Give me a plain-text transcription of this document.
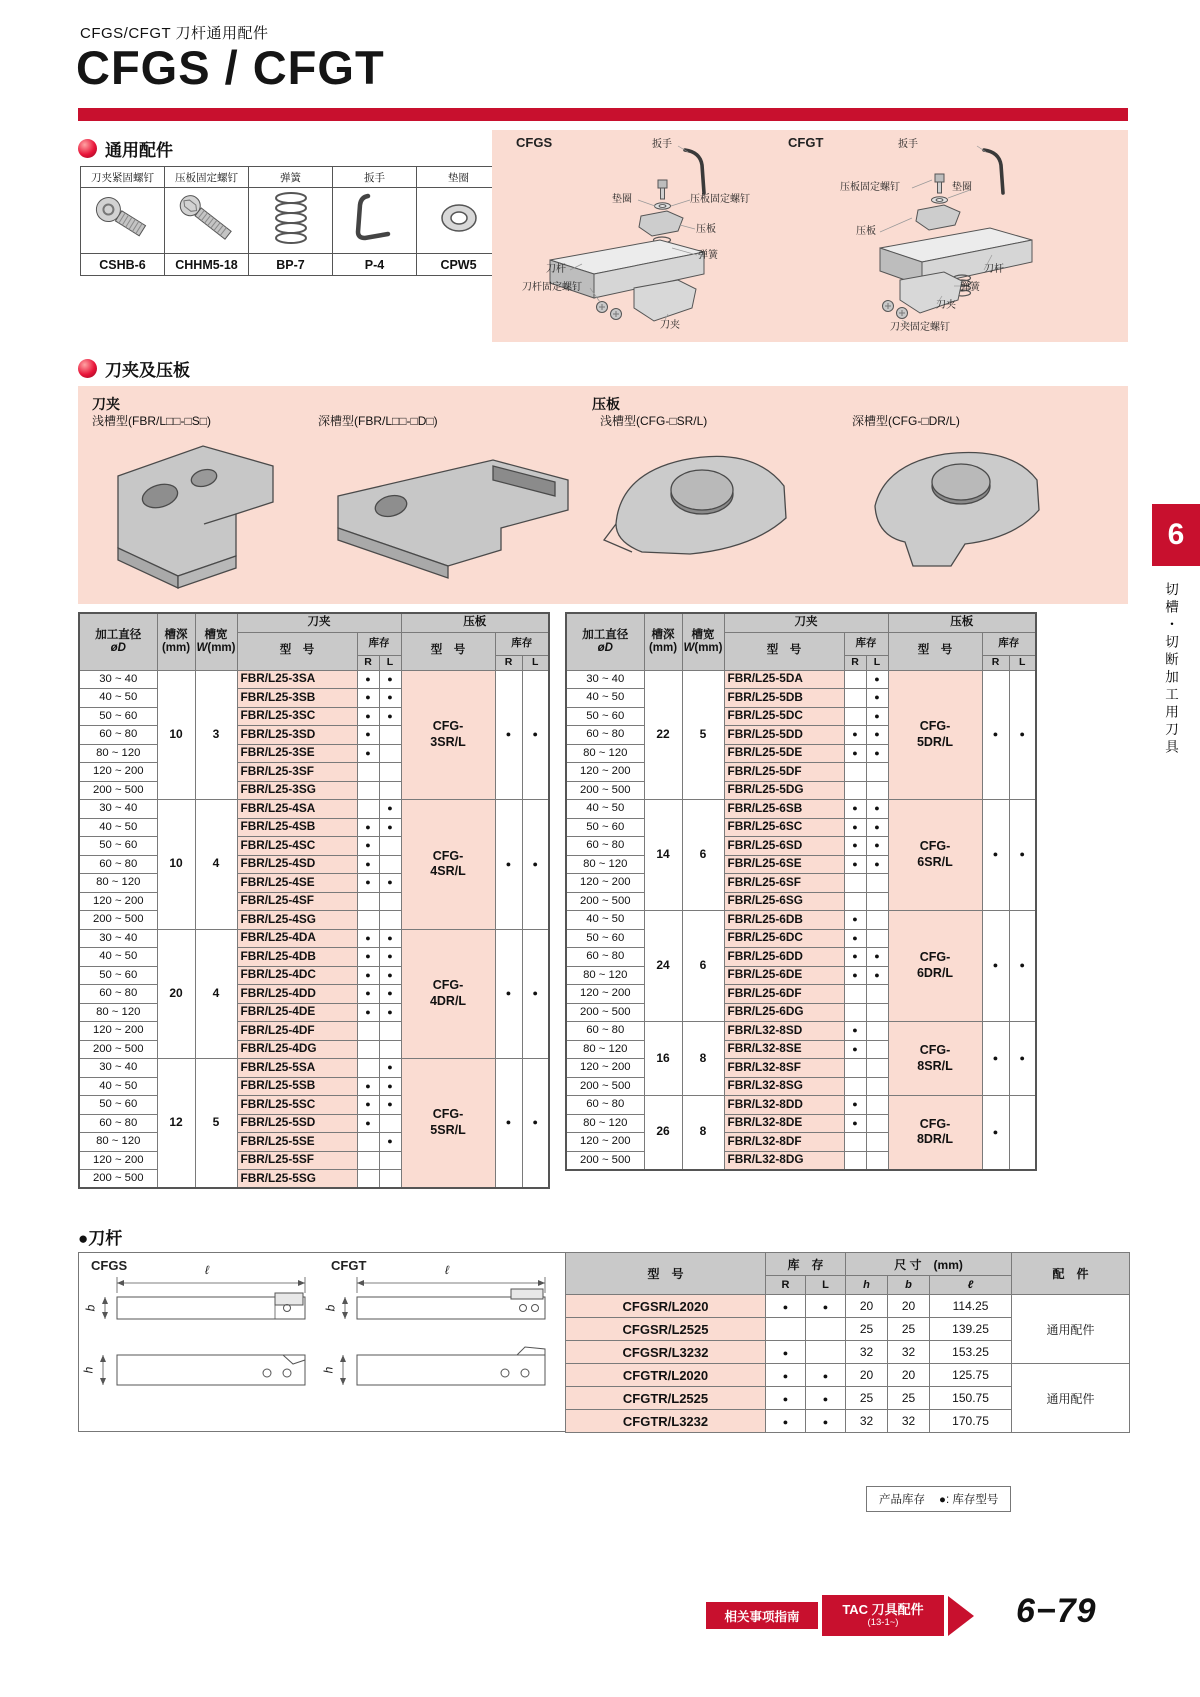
CFGS/CFGT 刀杆通用配件
CFGS / CFGT
通用配件
刀夹紧固螺钉	压板固定螺钉	弹簧	扳手	垫圈

CSHB-6	CHHM5-18	BP-7	P-4	CPW5
CFGS	CFGT
扳手
垫圈	压板固定螺钉
压板
弹簧
刀杆
刀杆固定螺钉
刀夹
扳手
压板固定螺钉	垫圈
压板
刀杆
弹簧
刀夹
刀夹固定螺钉
刀夹及压板
刀夹
浅槽型(FBR/L□□-□S□)	深槽型(FBR/L□□-□D□)
压板
浅槽型(CFG-□SR/L)	深槽型(CFG-□DR/L)
加工直径
øD	槽深
(mm)	槽宽
W(mm)	刀夹			压板		
			型　号	库存		型　号	库存	
				R	L		R	L
30 ~ 40	10	3	FBR/L25-3SA	●	●	CFG-
3SR/L	●	●
40 ~ 50			FBR/L25-3SB	●	●			
50 ~ 60			FBR/L25-3SC	●	●			
60 ~ 80			FBR/L25-3SD	●				
80 ~ 120			FBR/L25-3SE	●				
120 ~ 200			FBR/L25-3SF					
200 ~ 500			FBR/L25-3SG					
30 ~ 40	10	4	FBR/L25-4SA		●	CFG-
4SR/L	●	●
40 ~ 50			FBR/L25-4SB	●	●			
50 ~ 60			FBR/L25-4SC	●				
60 ~ 80			FBR/L25-4SD	●				
80 ~ 120			FBR/L25-4SE	●	●			
120 ~ 200			FBR/L25-4SF					
200 ~ 500			FBR/L25-4SG					
30 ~ 40	20	4	FBR/L25-4DA	●	●	CFG-
4DR/L	●	●
40 ~ 50			FBR/L25-4DB	●	●			
50 ~ 60			FBR/L25-4DC	●	●			
60 ~ 80			FBR/L25-4DD	●	●			
80 ~ 120			FBR/L25-4DE	●	●			
120 ~ 200			FBR/L25-4DF					
200 ~ 500			FBR/L25-4DG					
30 ~ 40	12	5	FBR/L25-5SA		●	CFG-
5SR/L	●	●
40 ~ 50			FBR/L25-5SB	●	●			
50 ~ 60			FBR/L25-5SC	●	●			
60 ~ 80			FBR/L25-5SD	●				
80 ~ 120			FBR/L25-5SE		●			
120 ~ 200			FBR/L25-5SF					
200 ~ 500			FBR/L25-5SG					
加工直径
øD	槽深
(mm)	槽宽
W(mm)	刀夹			压板		
			型　号	库存		型　号	库存	
				R	L		R	L
30 ~ 40	22	5	FBR/L25-5DA		●	CFG-
5DR/L	●	●
40 ~ 50			FBR/L25-5DB		●			
50 ~ 60			FBR/L25-5DC		●			
60 ~ 80			FBR/L25-5DD	●	●			
80 ~ 120			FBR/L25-5DE	●	●			
120 ~ 200			FBR/L25-5DF					
200 ~ 500			FBR/L25-5DG					
40 ~ 50	14	6	FBR/L25-6SB	●	●	CFG-
6SR/L	●	●
50 ~ 60			FBR/L25-6SC	●	●			
60 ~ 80			FBR/L25-6SD	●	●			
80 ~ 120			FBR/L25-6SE	●	●			
120 ~ 200			FBR/L25-6SF					
200 ~ 500			FBR/L25-6SG					
40 ~ 50	24	6	FBR/L25-6DB	●		CFG-
6DR/L	●	●
50 ~ 60			FBR/L25-6DC	●				
60 ~ 80			FBR/L25-6DD	●	●			
80 ~ 120			FBR/L25-6DE	●	●			
120 ~ 200			FBR/L25-6DF					
200 ~ 500			FBR/L25-6DG					
60 ~ 80	16	8	FBR/L32-8SD	●		CFG-
8SR/L	●	●
80 ~ 120			FBR/L32-8SE	●				
120 ~ 200			FBR/L32-8SF					
200 ~ 500			FBR/L32-8SG					
60 ~ 80	26	8	FBR/L32-8DD	●		CFG-
8DR/L	●	
80 ~ 120			FBR/L32-8DE	●				
120 ~ 200			FBR/L32-8DF					
200 ~ 500			FBR/L32-8DG					
●刀杆
CFGS	CFGT
ℓ	ℓ
b	b
h	h
型　号	库　存		尺 寸　(mm)			配　件
	R	L	h	b	ℓ	
CFGSR/L2020	●	●	20	20	114.25	通用配件
CFGSR/L2525			25	25	139.25	
CFGSR/L3232	●		32	32	153.25	
CFGTR/L2020	●	●	20	20	125.75	通用配件
CFGTR/L2525	●	●	25	25	150.75	
CFGTR/L3232	●	●	32	32	170.75	
产品库存 ●: 库存型号
相关事项指南	TAC 刀具配件
(13-1~)	6−79
6
切槽・切断加工用刀具
